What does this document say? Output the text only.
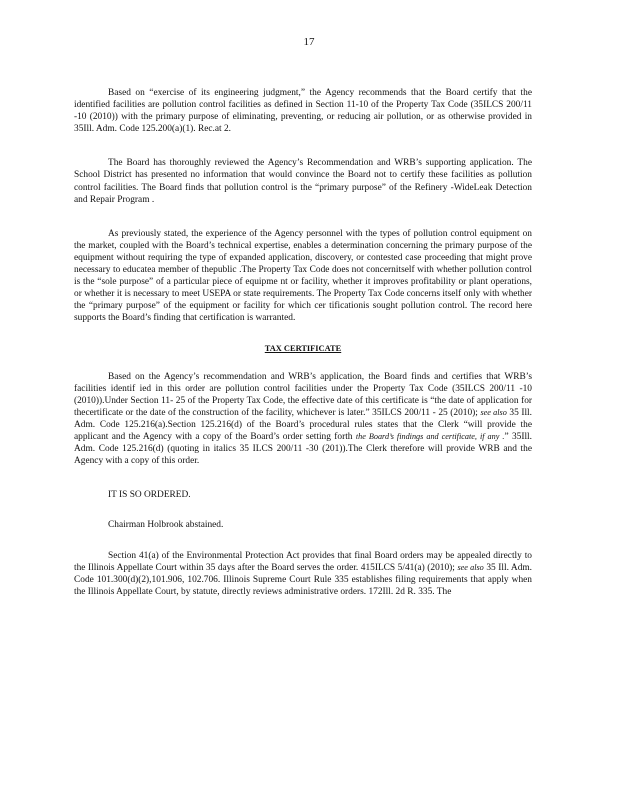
17

Based on “exercise of its engineering judgment,” the Agency recommends that the Board certify that the identified facilities are pollution control facilities as defined in Section 11-10 of the Property Tax Code (35ILCS 200/11 -10 (2010)) with the primary purpose of eliminating, preventing, or reducing air pollution, or as otherwise provided in 35Ill. Adm. Code 125.200(a)(1). Rec.at 2.

The Board has thoroughly reviewed the Agency’s Recommendation and WRB’s supporting application. The School District has presented no information that would convince the Board not to certify these facilities as pollution control facilities. The Board finds that pollution control is the “primary purpose” of the Refinery -WideLeak Detection and Repair Program .

As previously stated, the experience of the Agency personnel with the types of pollution control equipment on the market, coupled with the Board’s technical expertise, enables a determination concerning the primary purpose of the equipment without requiring the type of expanded application, discovery, or contested case proceeding that might prove necessary to educatea member of thepublic .The Property Tax Code does not concernitself with whether pollution control is the “sole purpose” of a particular piece of equipme nt or facility, whether it improves profitability or plant operations, or whether it is necessary to meet USEPA or state requirements. The Property Tax Code concerns itself only with whether the “primary purpose” of the equipment or facility for which cer tificationis sought pollution control. The record here supports the Board’s finding that certification is warranted.

TAX CERTIFICATE

Based on the Agency’s recommendation and WRB’s application, the Board finds and certifies that WRB’s facilities identif ied in this order are pollution control facilities under the Property Tax Code (35ILCS 200/11 -10 (2010)).Under Section 11- 25 of the Property Tax Code, the effective date of this certificate is “the date of application for thecertificate or the date of the construction of the facility, whichever is later.” 35ILCS 200/11 - 25 (2010); see also 35 Ill. Adm. Code 125.216(a).Section 125.216(d) of the Board’s procedural rules states that the Clerk “will provide the applicant and the Agency with a copy of the Board’s order setting forth the Board’s findings and certificate, if any .” 35Ill. Adm. Code 125.216(d) (quoting in italics 35 ILCS 200/11 -30 (201)).The Clerk therefore will provide WRB and the Agency with a copy of this order.

IT IS SO ORDERED.

Chairman Holbrook abstained.

Section 41(a) of the Environmental Protection Act provides that final Board orders may be appealed directly to the Illinois Appellate Court within 35 days after the Board serves the order. 415ILCS 5/41(a) (2010); see also 35 Ill. Adm. Code 101.300(d)(2),101.906, 102.706. Illinois Supreme Court Rule 335 establishes filing requirements that apply when the Illinois Appellate Court, by statute, directly reviews administrative orders. 172Ill. 2d R. 335. The
